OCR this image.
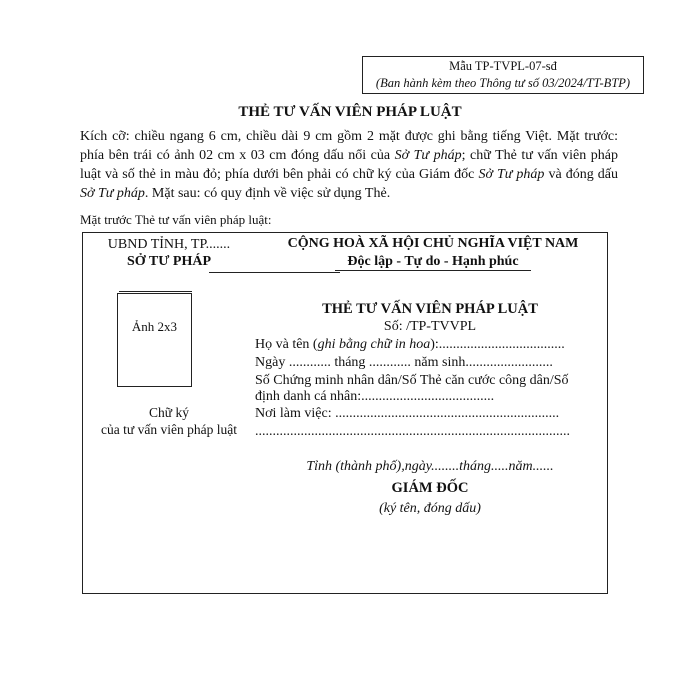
Mẫu TP-TVPL-07-sđ
(Ban hành kèm theo Thông tư số 03/2024/TT-BTP)
THẺ TƯ VẤN VIÊN PHÁP LUẬT
Kích cỡ: chiều ngang 6 cm, chiều dài 9 cm gồm 2 mặt được ghi bằng tiếng Việt. Mặt trước: phía bên trái có ảnh 02 cm x 03 cm đóng dấu nổi của Sở Tư pháp; chữ Thẻ tư vấn viên pháp luật và số thẻ in màu đỏ; phía dưới bên phải có chữ ký của Giám đốc Sở Tư pháp và đóng dấu Sở Tư pháp. Mặt sau: có quy định về việc sử dụng Thẻ.
Mặt trước Thẻ tư vấn viên pháp luật:
UBND TỈNH, TP.......
SỞ TƯ PHÁP
CỘNG HOÀ XÃ HỘI CHỦ NGHĨA VIỆT NAM
Độc lập - Tự do - Hạnh phúc
Ảnh 2x3
Chữ ký
của tư vấn viên pháp luật
THẺ TƯ VẤN VIÊN PHÁP LUẬT
Số: /TP-TVVPL
Họ và tên (ghi bằng chữ in hoa):....................................
Ngày ............ tháng ............ năm sinh.........................
Số Chứng minh nhân dân/Số Thẻ căn cước công dân/Số
định danh cá nhân:......................................
Nơi làm việc: ................................................................
..........................................................................................
Tỉnh (thành phố),ngày........tháng.....năm......
GIÁM ĐỐC
(ký tên, đóng dấu)
